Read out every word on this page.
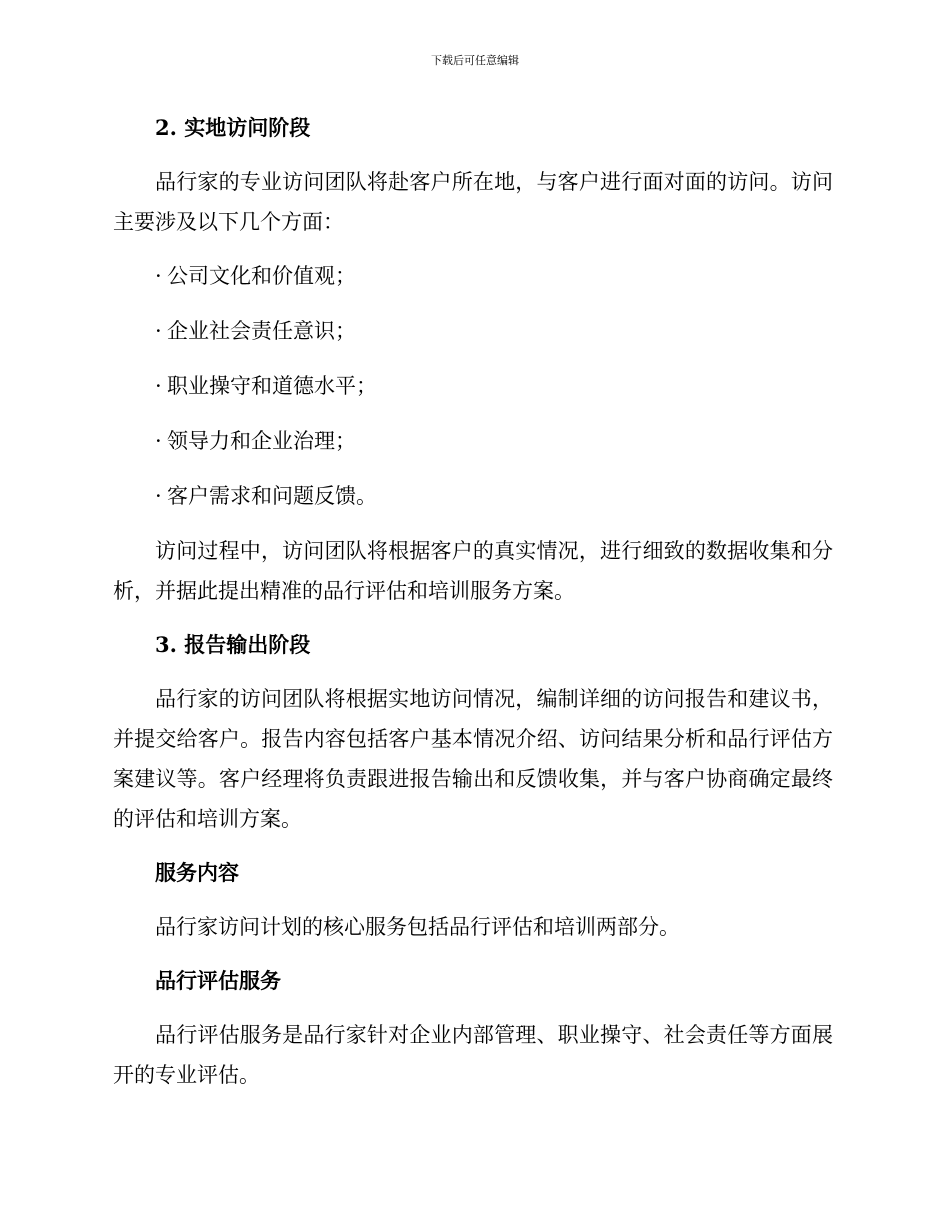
下载后可任意编辑
2. 实地访问阶段
品行家的专业访问团队将赴客户所在地，与客户进行面对面的访问。访问主要涉及以下几个方面：
· 公司文化和价值观；
· 企业社会责任意识；
· 职业操守和道德水平；
· 领导力和企业治理；
· 客户需求和问题反馈。
访问过程中，访问团队将根据客户的真实情况，进行细致的数据收集和分析，并据此提出精准的品行评估和培训服务方案。
3. 报告输出阶段
品行家的访问团队将根据实地访问情况，编制详细的访问报告和建议书，并提交给客户。报告内容包括客户基本情况介绍、访问结果分析和品行评估方案建议等。客户经理将负责跟进报告输出和反馈收集，并与客户协商确定最终的评估和培训方案。
服务内容
品行家访问计划的核心服务包括品行评估和培训两部分。
品行评估服务
品行评估服务是品行家针对企业内部管理、职业操守、社会责任等方面展开的专业评估。
